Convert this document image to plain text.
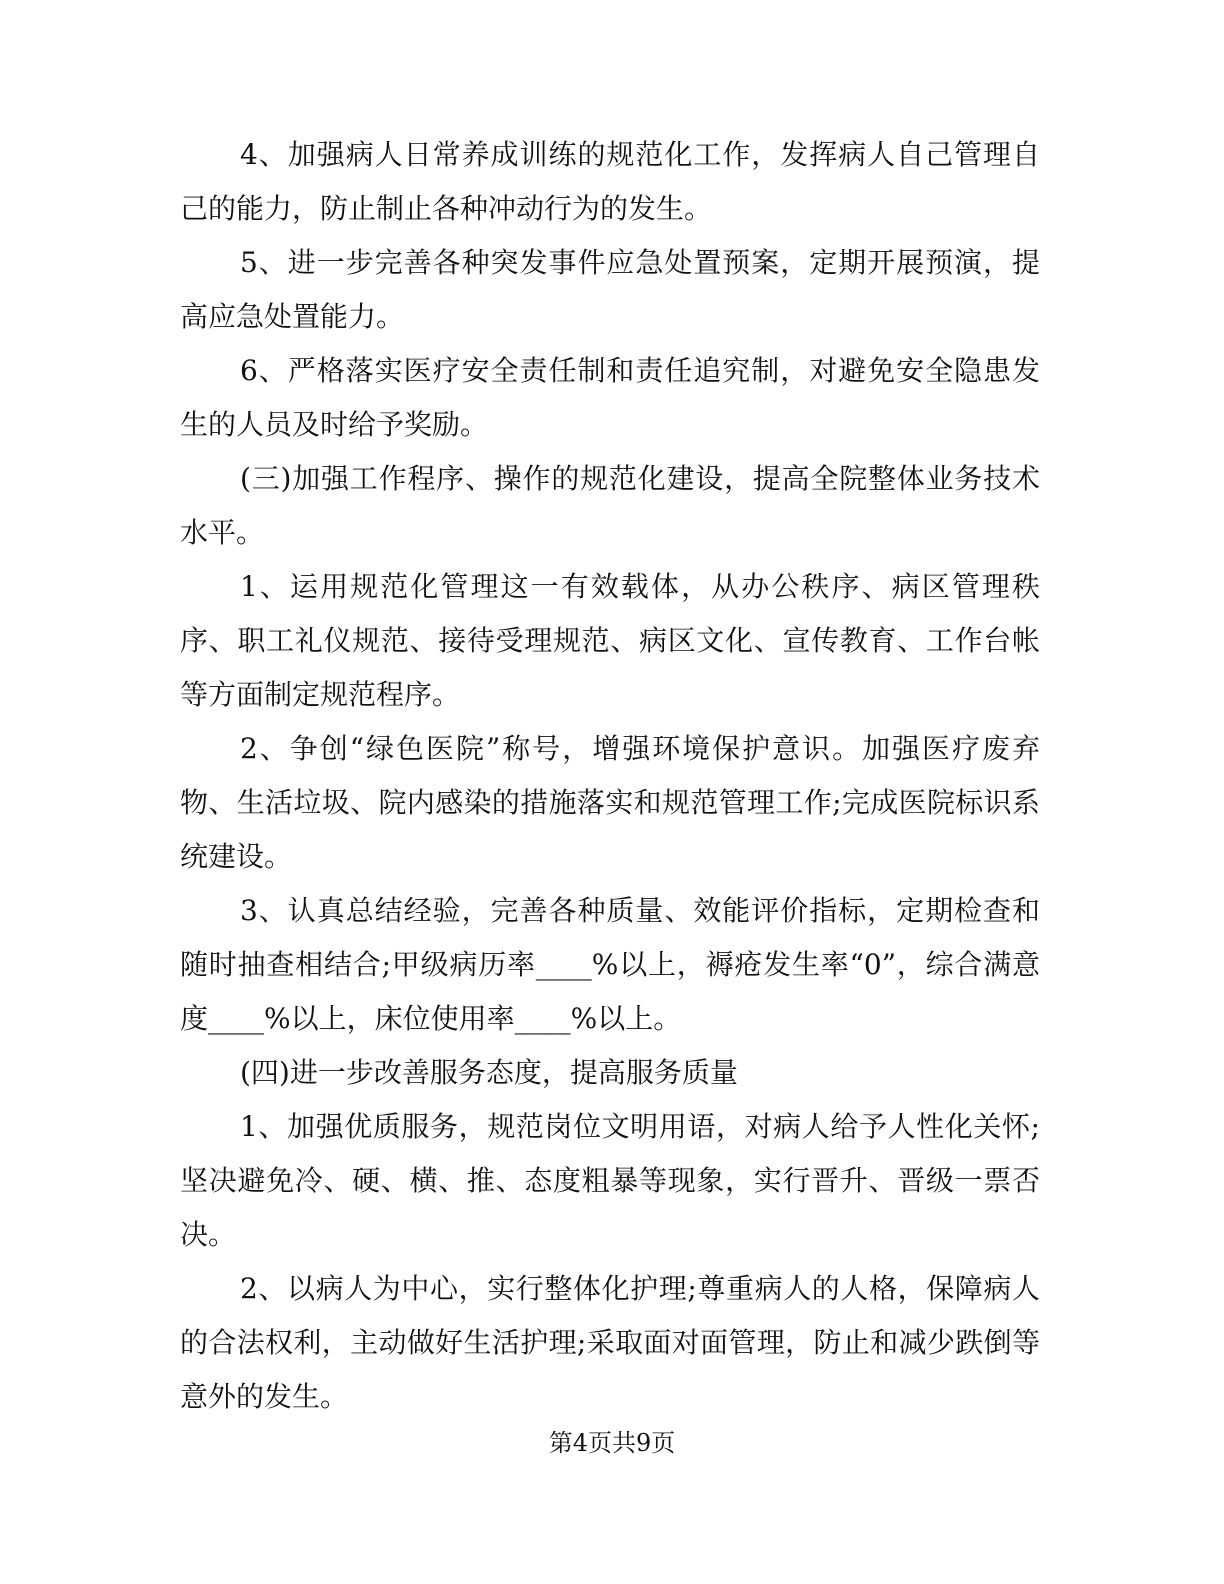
4、加强病人日常养成训练的规范化工作，发挥病人自己管理自己的能力，防止制止各种冲动行为的发生。

5、进一步完善各种突发事件应急处置预案，定期开展预演，提高应急处置能力。

6、严格落实医疗安全责任制和责任追究制，对避免安全隐患发生的人员及时给予奖励。

(三)加强工作程序、操作的规范化建设，提高全院整体业务技术水平。

1、运用规范化管理这一有效载体，从办公秩序、病区管理秩序、职工礼仪规范、接待受理规范、病区文化、宣传教育、工作台帐等方面制定规范程序。

2、争创“绿色医院”称号，增强环境保护意识。加强医疗废弃物、生活垃圾、院内感染的措施落实和规范管理工作;完成医院标识系统建设。

3、认真总结经验，完善各种质量、效能评价指标，定期检查和随时抽查相结合;甲级病历率____%以上，褥疮发生率“0”，综合满意度____%以上，床位使用率____%以上。

(四)进一步改善服务态度，提高服务质量

1、加强优质服务，规范岗位文明用语，对病人给予人性化关怀;坚决避免冷、硬、横、推、态度粗暴等现象，实行晋升、晋级一票否决。

2、以病人为中心，实行整体化护理;尊重病人的人格，保障病人的合法权利，主动做好生活护理;采取面对面管理，防止和减少跌倒等意外的发生。

第4页共9页
